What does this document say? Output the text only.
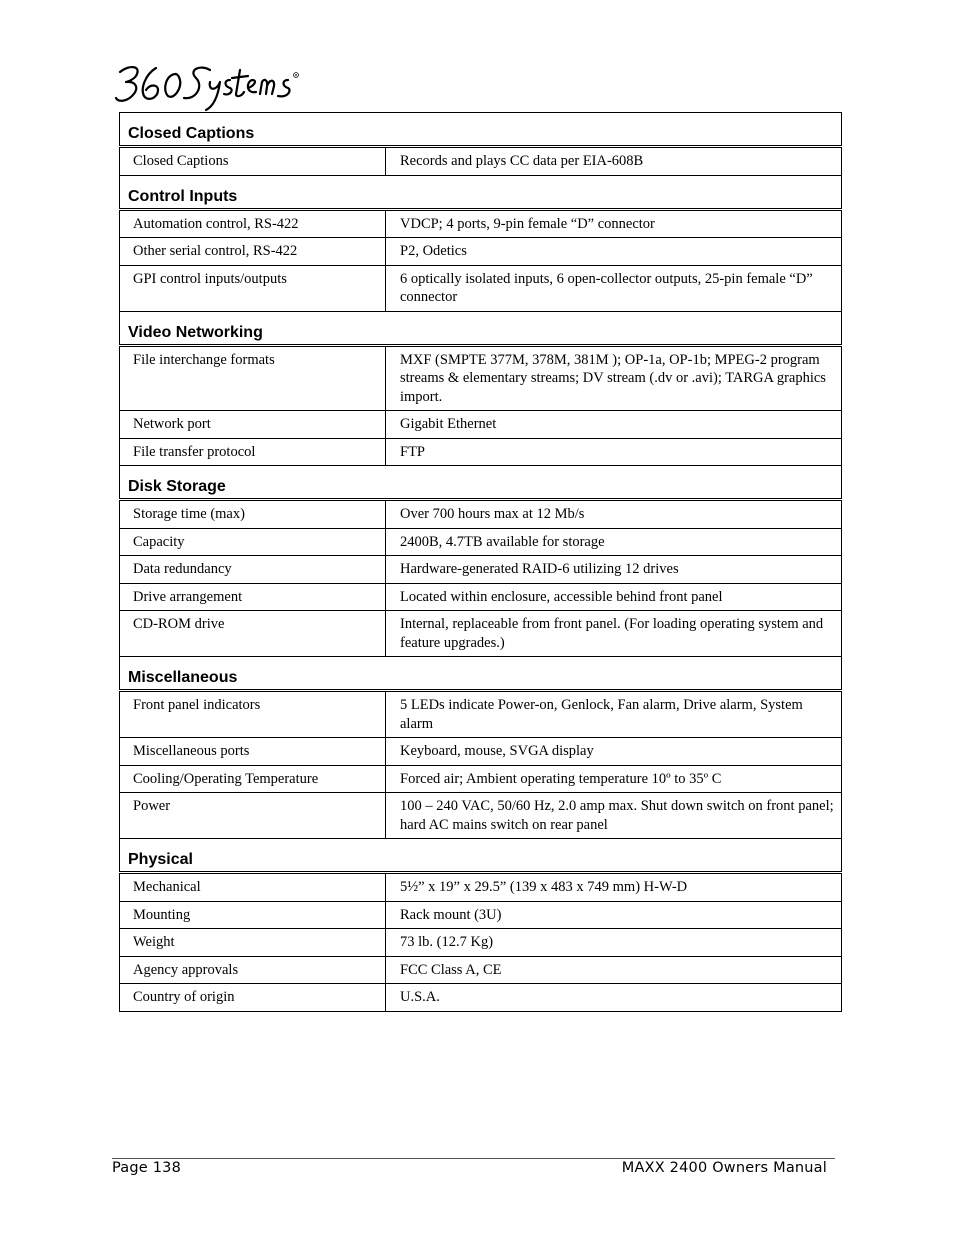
Closed Captions	
Closed Captions	Records and plays CC data per EIA-608B
Control Inputs	
Automation control, RS-422	VDCP; 4 ports, 9-pin female “D” connector
Other serial control, RS-422	P2, Odetics
GPI control inputs/outputs	6 optically isolated inputs, 6 open-collector outputs, 25-pin female “D” connector
Video Networking	
File interchange formats	MXF (SMPTE 377M, 378M, 381M ); OP-1a, OP-1b; MPEG-2 program streams & elementary streams; DV stream (.dv or .avi); TARGA graphics import.
Network port	Gigabit Ethernet
File transfer protocol	FTP
Disk Storage	
Storage time (max)	Over 700 hours max at 12 Mb/s
Capacity	2400B, 4.7TB available for storage
Data redundancy	Hardware-generated RAID-6 utilizing 12 drives
Drive arrangement	Located within enclosure, accessible behind front panel
CD-ROM drive	Internal, replaceable from front panel. (For loading operating system and feature upgrades.)
Miscellaneous	
Front panel indicators	5 LEDs indicate Power-on, Genlock, Fan alarm, Drive alarm, System alarm
Miscellaneous ports	Keyboard, mouse, SVGA display
Cooling/Operating Temperature	Forced air; Ambient operating temperature 10º to 35º C
Power	100 – 240 VAC, 50/60 Hz, 2.0 amp max. Shut down switch on front panel; hard AC mains switch on rear panel
Physical	
Mechanical	5½” x 19” x 29.5” (139 x 483 x 749 mm) H-W-D
Mounting	Rack mount (3U)
Weight	73 lb. (12.7 Kg)
Agency approvals	FCC Class A, CE
Country of origin	U.S.A.
Page 138	MAXX 2400 Owners Manual
